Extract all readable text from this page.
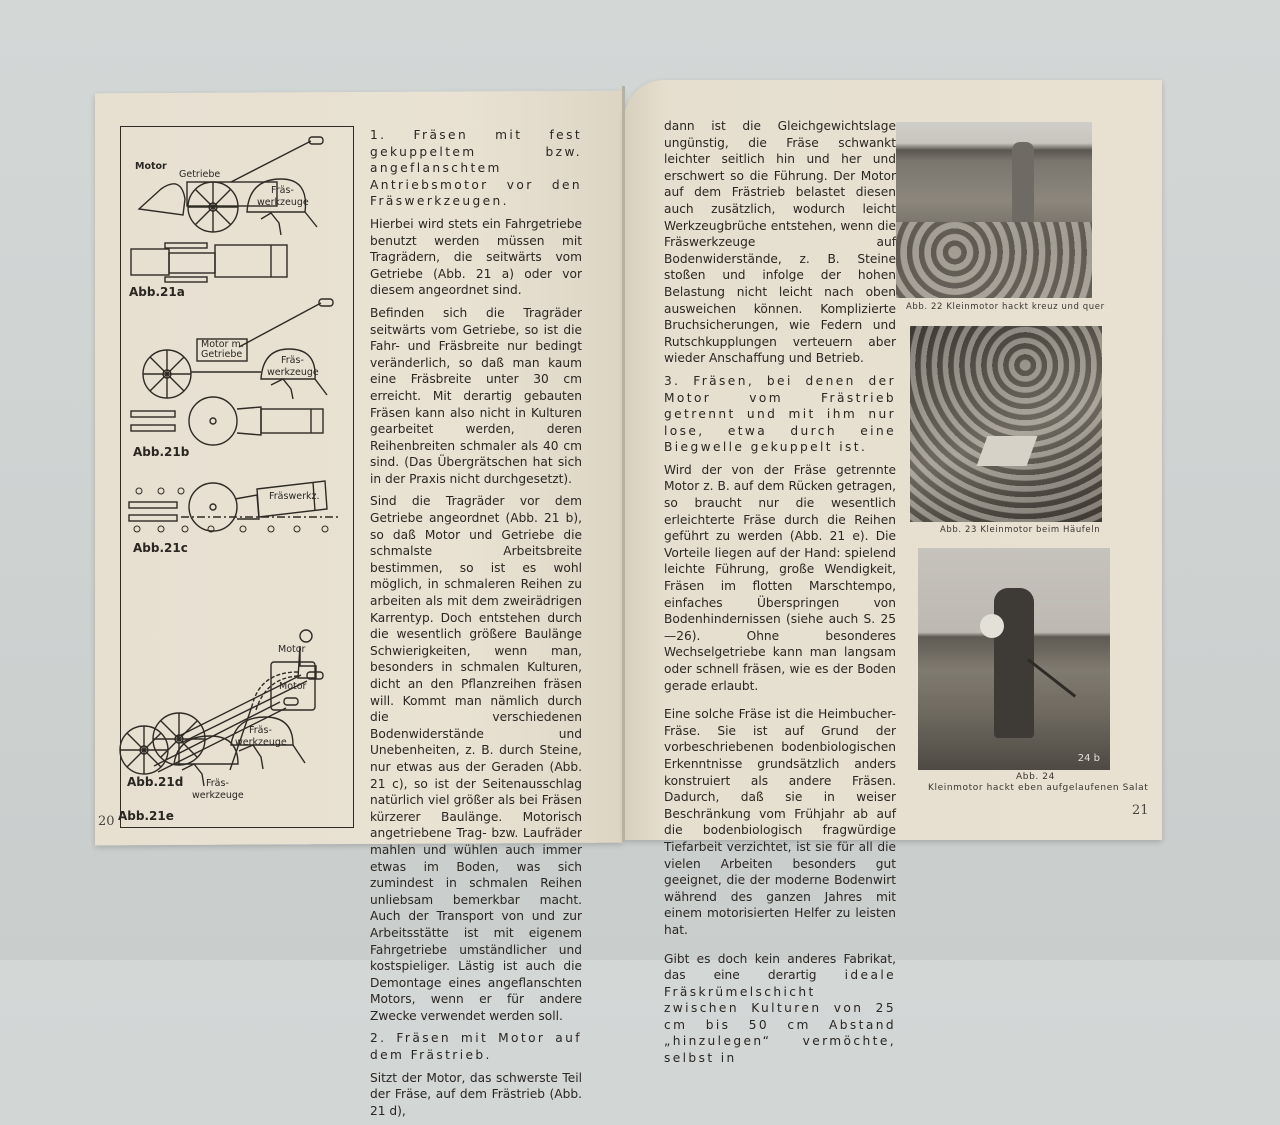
Motor
Getriebe
Fräs-
werkzeuge
Abb.21a
Motor m.
Getriebe
Fräs-
werkzeuge
Abb.21b
Fräswerkz.
Abb.21c
Motor
Fräs-
werkzeuge
Abb.21d
Motor
Fräs-
werkzeuge
Abb.21e

1. Fräsen mit fest gekuppeltem bzw. angeflanschtem Antriebsmotor vor den Fräswerkzeugen.

Hierbei wird stets ein Fahrgetriebe benutzt werden müssen mit Tragrädern, die seitwärts vom Getriebe (Abb. 21 a) oder vor diesem angeordnet sind.

Befinden sich die Tragräder seitwärts vom Getriebe, so ist die Fahr- und Fräsbreite nur bedingt veränderlich, so daß man kaum eine Fräsbreite unter 30 cm erreicht. Mit derartig gebauten Fräsen kann also nicht in Kulturen gearbeitet werden, deren Reihenbreiten schmaler als 40 cm sind. (Das Übergrätschen hat sich in der Praxis nicht durchgesetzt).

Sind die Tragräder vor dem Getriebe angeordnet (Abb. 21 b), so daß Motor und Getriebe die schmalste Arbeitsbreite bestimmen, so ist es wohl möglich, in schmaleren Reihen zu arbeiten als mit dem zweirädrigen Karrentyp. Doch entstehen durch die wesentlich größere Baulänge Schwierigkeiten, wenn man, besonders in schmalen Kulturen, dicht an den Pflanzreihen fräsen will. Kommt man nämlich durch die verschiedenen Bodenwiderstände und Unebenheiten, z. B. durch Steine, nur etwas aus der Geraden (Abb. 21 c), so ist der Seitenausschlag natürlich viel größer als bei Fräsen kürzerer Baulänge. Motorisch angetriebene Trag- bzw. Laufräder mahlen und wühlen auch immer etwas im Boden, was sich zumindest in schmalen Reihen unliebsam bemerkbar macht. Auch der Transport von und zur Arbeitsstätte ist mit eigenem Fahrgetriebe umständlicher und kostspieliger. Lästig ist auch die Demontage eines angeflanschten Motors, wenn er für andere Zwecke verwendet werden soll.

2. Fräsen mit Motor auf dem Frästrieb.

Sitzt der Motor, das schwerste Teil der Fräse, auf dem Frästrieb (Abb. 21 d),

20

dann ist die Gleichgewichtslage ungünstig, die Fräse schwankt leichter seitlich hin und her und erschwert so die Führung. Der Motor auf dem Frästrieb belastet diesen auch zusätzlich, wodurch leicht Werkzeugbrüche entstehen, wenn die Fräswerkzeuge auf Bodenwiderstände, z. B. Steine stoßen und infolge der hohen Belastung nicht leicht nach oben ausweichen können. Komplizierte Bruchsicherungen, wie Federn und Rutschkupplungen verteuern aber wieder Anschaffung und Betrieb.

3. Fräsen, bei denen der Motor vom Frästrieb getrennt und mit ihm nur lose, etwa durch eine Biegwelle gekuppelt ist.

Wird der von der Fräse getrennte Motor z. B. auf dem Rücken getragen, so braucht nur die wesentlich erleichterte Fräse durch die Reihen geführt zu werden (Abb. 21 e). Die Vorteile liegen auf der Hand: spielend leichte Führung, große Wendigkeit, Fräsen im flotten Marschtempo, einfaches Überspringen von Bodenhindernissen (siehe auch S. 25—26). Ohne besonderes Wechselgetriebe kann man langsam oder schnell fräsen, wie es der Boden gerade erlaubt.

Eine solche Fräse ist die Heimbucher-Fräse. Sie ist auf Grund der vorbeschriebenen bodenbiologischen Erkenntnisse grundsätzlich anders konstruiert als andere Fräsen. Dadurch, daß sie in weiser Beschränkung vom Frühjahr ab auf die bodenbiologisch fragwürdige Tiefarbeit verzichtet, ist sie für all die vielen Arbeiten besonders gut geeignet, die der moderne Bodenwirt während des ganzen Jahres mit einem motorisierten Helfer zu leisten hat.

Gibt es doch kein anderes Fabrikat, das eine derartig ideale Fräskrümelschicht zwischen Kulturen von 25 cm bis 50 cm Abstand „hinzulegen“ vermöchte, selbst in

Abb. 22 Kleinmotor hackt kreuz und quer
Abb. 23 Kleinmotor beim Häufeln
24 b
Abb. 24
Kleinmotor hackt eben aufgelaufenen Salat
21
